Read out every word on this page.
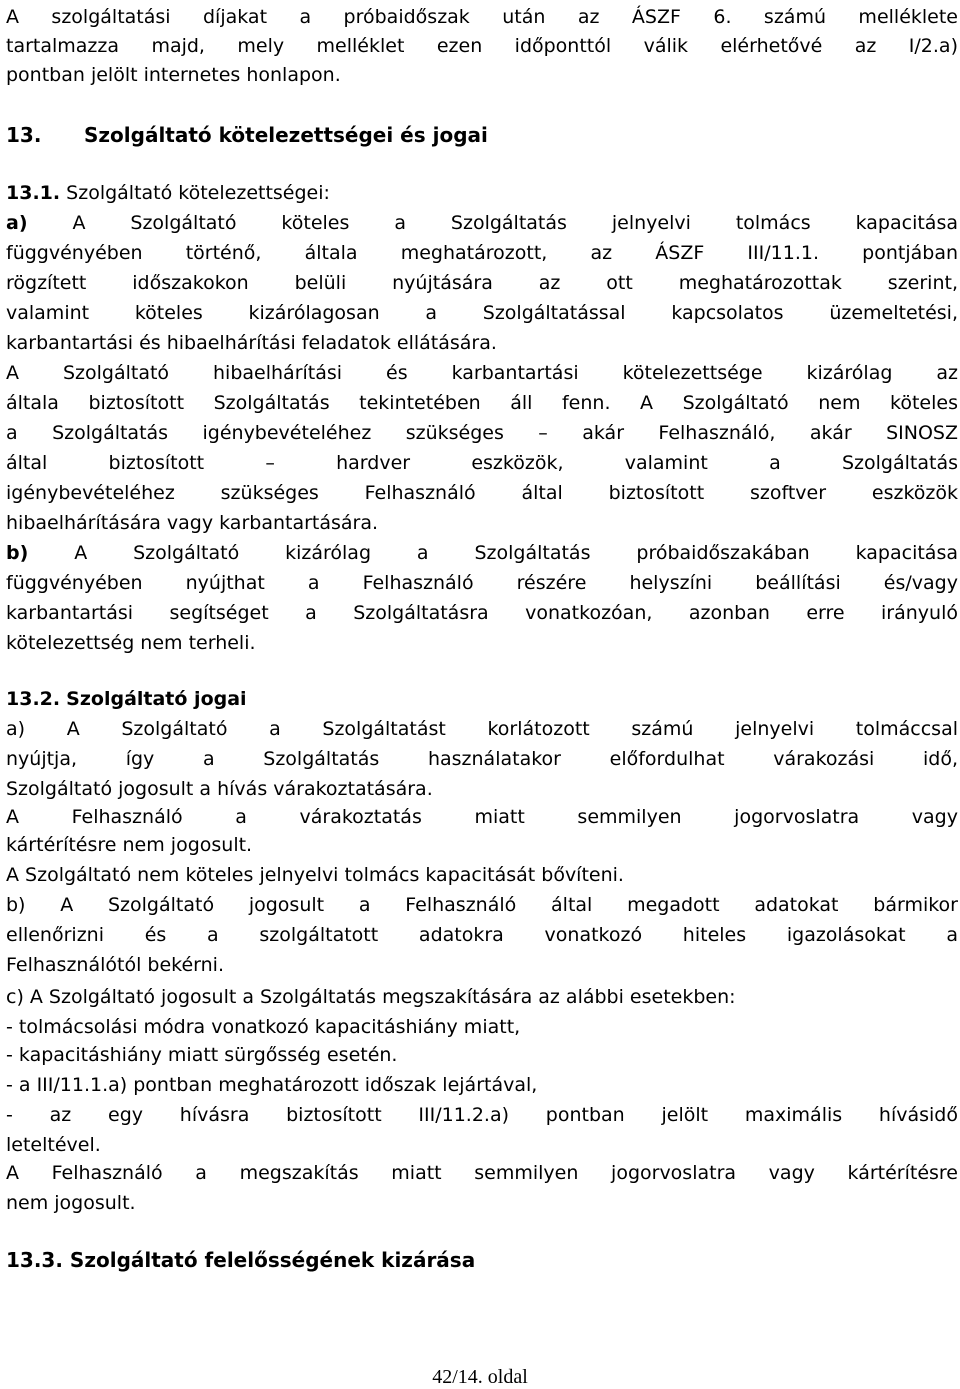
A szolgáltatási díjakat a próbaidőszak után az ÁSZF 6. számú melléklete

tartalmazza majd, mely melléklet ezen időponttól válik elérhetővé az I/2.a)

pontban jelölt internetes honlapon.

13. Szolgáltató kötelezettségei és jogai

13.1. Szolgáltató kötelezettségei:

a) A Szolgáltató köteles a Szolgáltatás jelnyelvi tolmács kapacitása

függvényében történő, általa meghatározott, az ÁSZF III/11.1. pontjában

rögzített időszakokon belüli nyújtására az ott meghatározottak szerint,

valamint köteles kizárólagosan a Szolgáltatással kapcsolatos üzemeltetési,

karbantartási és hibaelhárítási feladatok ellátására.

A Szolgáltató hibaelhárítási és karbantartási kötelezettsége kizárólag az

általa biztosított Szolgáltatás tekintetében áll fenn. A Szolgáltató nem köteles

a Szolgáltatás igénybevételéhez szükséges – akár Felhasználó, akár SINOSZ

által biztosított – hardver eszközök, valamint a Szolgáltatás

igénybevételéhez szükséges Felhasználó által biztosított szoftver eszközök

hibaelhárítására vagy karbantartására.

b) A Szolgáltató kizárólag a Szolgáltatás próbaidőszakában kapacitása

függvényében nyújthat a Felhasználó részére helyszíni beállítási és/vagy

karbantartási segítséget a Szolgáltatásra vonatkozóan, azonban erre irányuló

kötelezettség nem terheli.

13.2. Szolgáltató jogai

a) A Szolgáltató a Szolgáltatást korlátozott számú jelnyelvi tolmáccsal

nyújtja, így a Szolgáltatás használatakor előfordulhat várakozási idő,

Szolgáltató jogosult a hívás várakoztatására.

A Felhasználó a várakoztatás miatt semmilyen jogorvoslatra vagy

kártérítésre nem jogosult.

A Szolgáltató nem köteles jelnyelvi tolmács kapacitását bővíteni.

b) A Szolgáltató jogosult a Felhasználó által megadott adatokat bármikor

ellenőrizni és a szolgáltatott adatokra vonatkozó hiteles igazolásokat a

Felhasználótól bekérni.

c) A Szolgáltató jogosult a Szolgáltatás megszakítására az alábbi esetekben:

- tolmácsolási módra vonatkozó kapacitáshiány miatt,

- kapacitáshiány miatt sürgősség esetén.

- a III/11.1.a) pontban meghatározott időszak lejártával,

- az egy hívásra biztosított III/11.2.a) pontban jelölt maximális hívásidő

leteltével.

A Felhasználó a megszakítás miatt semmilyen jogorvoslatra vagy kártérítésre

nem jogosult.

13.3. Szolgáltató felelősségének kizárása

42/14. oldal
